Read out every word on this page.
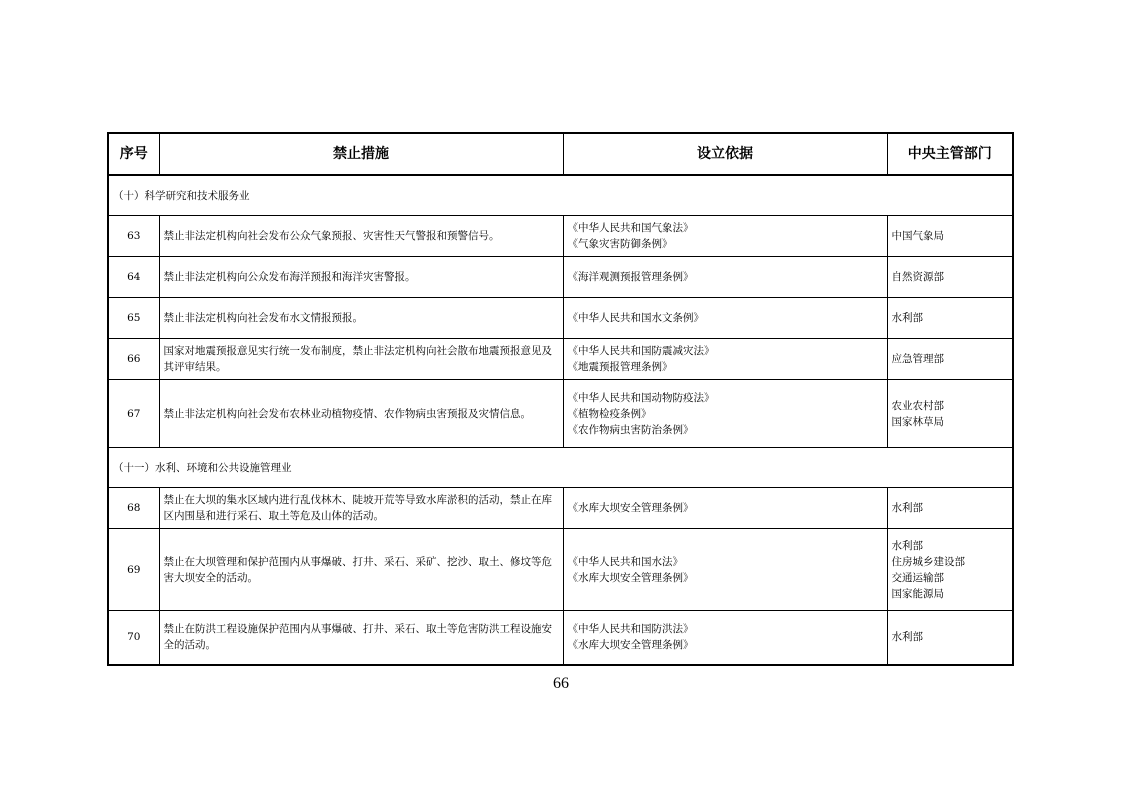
序号	禁止措施	设立依据	中央主管部门
（十）科学研究和技术服务业			
63	禁止非法定机构向社会发布公众气象预报、灾害性天气警报和预警信号。	《中华人民共和国气象法》
《气象灾害防御条例》	中国气象局

64	禁止非法定机构向公众发布海洋预报和海洋灾害警报。	《海洋观测预报管理条例》	自然资源部

65	禁止非法定机构向社会发布水文情报预报。	《中华人民共和国水文条例》	水利部

66	国家对地震预报意见实行统一发布制度，禁止非法定机构向社会散布地震预报意见及其评审结果。	《中华人民共和国防震减灾法》
《地震预报管理条例》	应急管理部

67	禁止非法定机构向社会发布农林业动植物疫情、农作物病虫害预报及灾情信息。	《中华人民共和国动物防疫法》
《植物检疫条例》
《农作物病虫害防治条例》	农业农村部
国家林草局

（十一）水利、环境和公共设施管理业			
68	禁止在大坝的集水区域内进行乱伐林木、陡坡开荒等导致水库淤积的活动，禁止在库区内围垦和进行采石、取土等危及山体的活动。	《水库大坝安全管理条例》	水利部

69	禁止在大坝管理和保护范围内从事爆破、打井、采石、采矿、挖沙、取土、修坟等危害大坝安全的活动。	《中华人民共和国水法》
《水库大坝安全管理条例》	水利部
住房城乡建设部
交通运输部
国家能源局

70	禁止在防洪工程设施保护范围内从事爆破、打井、采石、取土等危害防洪工程设施安全的活动。	《中华人民共和国防洪法》
《水库大坝安全管理条例》	水利部
66
